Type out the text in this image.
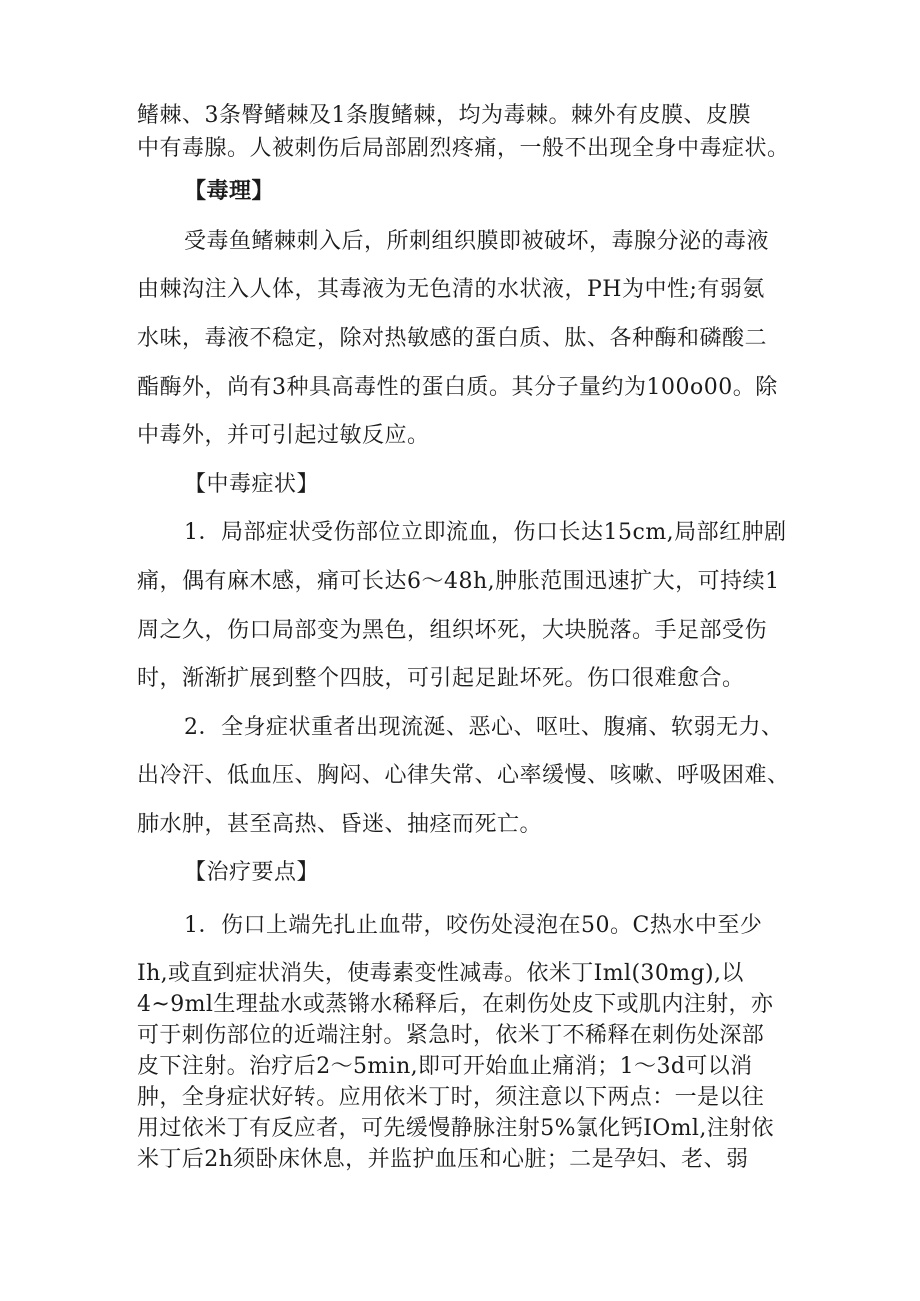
鳍棘、3条臀鳍棘及1条腹鳍棘，均为毒棘。棘外有皮膜、皮膜

中有毒腺。人被刺伤后局部剧烈疼痛，一般不出现全身中毒症状。

【毒理】

受毒鱼鳍棘刺入后，所刺组织膜即被破坏，毒腺分泌的毒液

由棘沟注入人体，其毒液为无色清的水状液，PH为中性;有弱氨

水味，毒液不稳定，除对热敏感的蛋白质、肽、各种酶和磷酸二

酯酶外，尚有3种具高毒性的蛋白质。其分子量约为100o00。除

中毒外，并可引起过敏反应。

【中毒症状】

1．局部症状受伤部位立即流血，伤口长达15cm,局部红肿剧

痛，偶有麻木感，痛可长达6～48h,肿胀范围迅速扩大，可持续1

周之久，伤口局部变为黑色，组织坏死，大块脱落。手足部受伤

时，渐渐扩展到整个四肢，可引起足趾坏死。伤口很难愈合。

2．全身症状重者出现流涎、恶心、呕吐、腹痛、软弱无力、

出冷汗、低血压、胸闷、心律失常、心率缓慢、咳嗽、呼吸困难、

肺水肿，甚至高热、昏迷、抽痉而死亡。

【治疗要点】

1．伤口上端先扎止血带，咬伤处浸泡在50。C热水中至少

Ih,或直到症状消失，使毒素变性减毒。依米丁Iml(30mg),以

4~9ml生理盐水或蒸锵水稀释后，在刺伤处皮下或肌内注射，亦

可于刺伤部位的近端注射。紧急时，依米丁不稀释在刺伤处深部

皮下注射。治疗后2～5min,即可开始血止痛消；1～3d可以消

肿，全身症状好转。应用依米丁时，须注意以下两点：一是以往

用过依米丁有反应者，可先缓慢静脉注射5%氯化钙IOml,注射依

米丁后2h须卧床休息，并监护血压和心脏；二是孕妇、老、弱
